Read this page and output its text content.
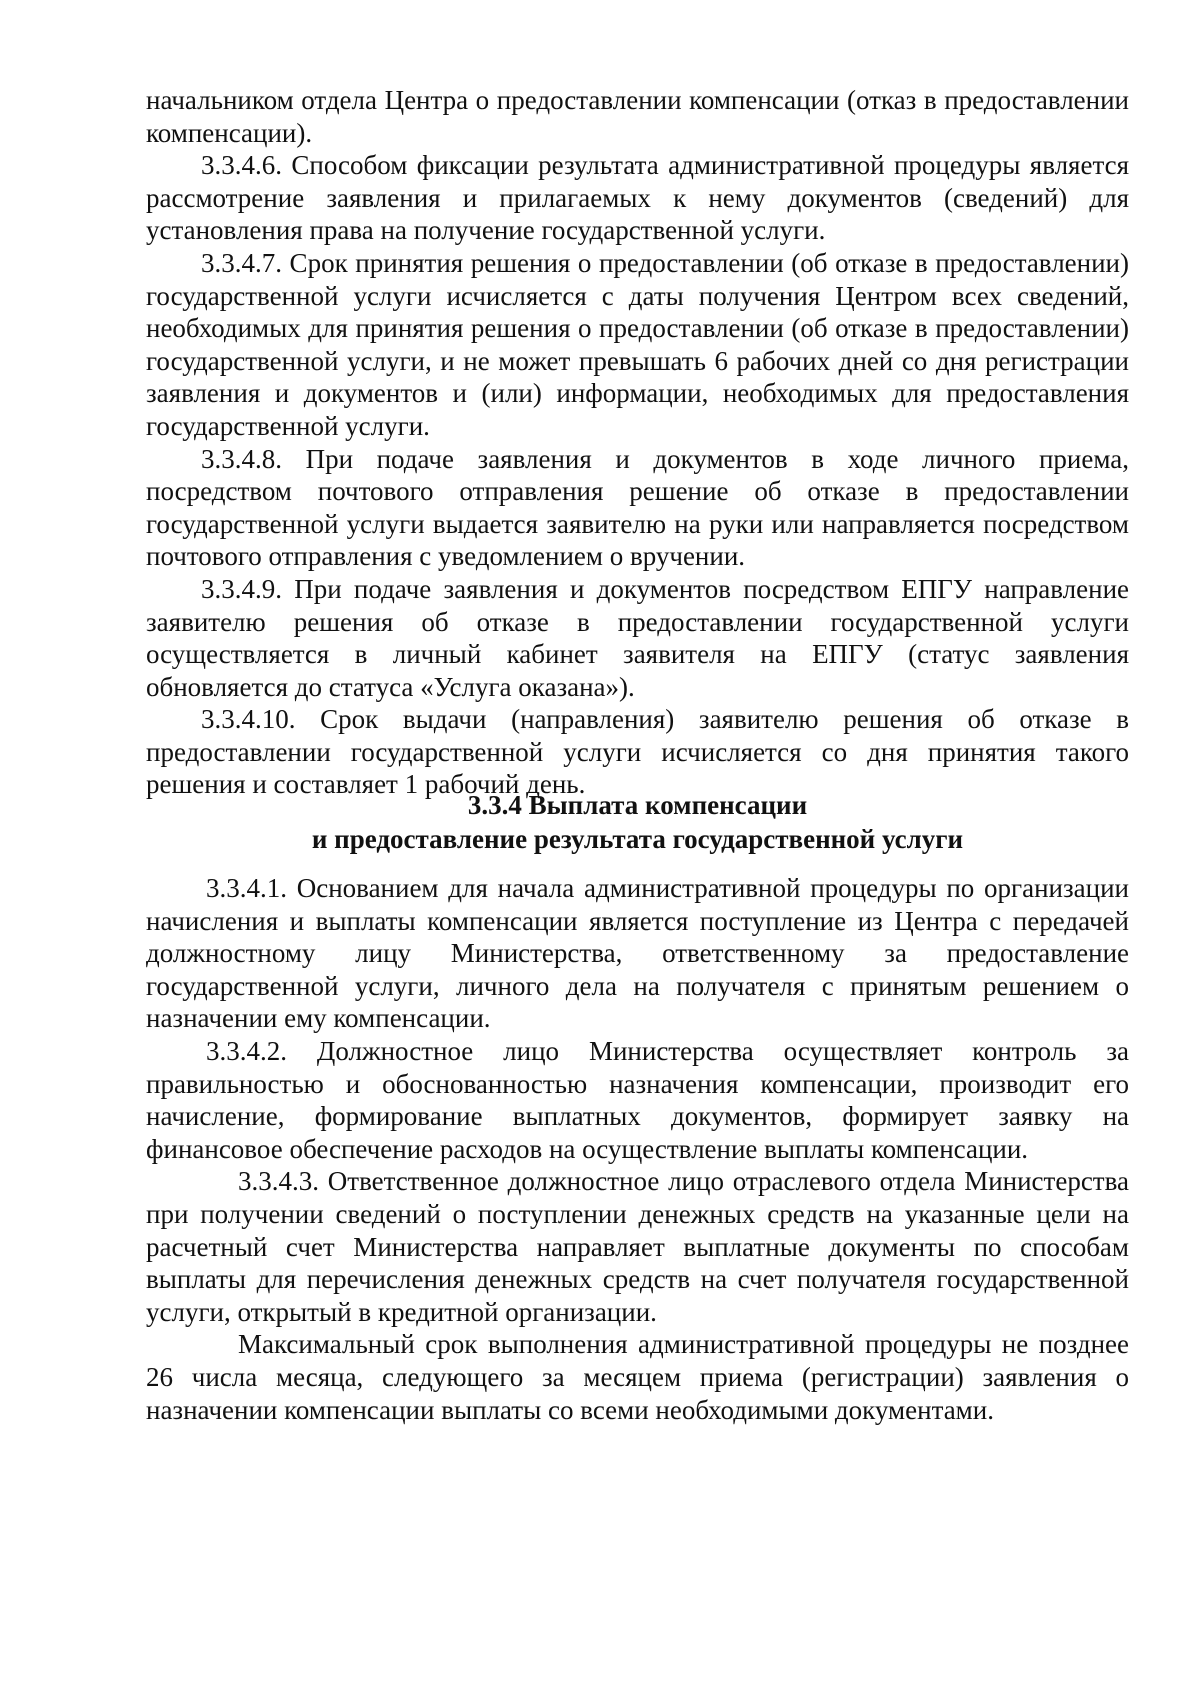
начальником отдела Центра о предоставлении компенсации (отказ в предоставлении компенсации).

3.3.4.6. Способом фиксации результата административной процедуры является рассмотрение заявления и прилагаемых к нему документов (сведений) для установления права на получение государственной услуги.

3.3.4.7. Срок принятия решения о предоставлении (об отказе в предоставлении) государственной услуги исчисляется с даты получения Центром всех сведений, необходимых для принятия решения о предоставлении (об отказе в предоставлении) государственной услуги, и не может превышать 6 рабочих дней со дня регистрации заявления и документов и (или) информации, необходимых для предоставления государственной услуги.

3.3.4.8. При подаче заявления и документов в ходе личного приема, посредством почтового отправления решение об отказе в предоставлении государственной услуги выдается заявителю на руки или направляется посредством почтового отправления с уведомлением о вручении.

3.3.4.9. При подаче заявления и документов посредством ЕПГУ направление заявителю решения об отказе в предоставлении государственной услуги осуществляется в личный кабинет заявителя на ЕПГУ (статус заявления обновляется до статуса «Услуга оказана»).

3.3.4.10. Срок выдачи (направления) заявителю решения об отказе в предоставлении государственной услуги исчисляется со дня принятия такого решения и составляет 1 рабочий день.

3.3.4 Выплата компенсации
и предоставление результата государственной услуги

3.3.4.1. Основанием для начала административной процедуры по организации начисления и выплаты компенсации является поступление из Центра с передачей должностному лицу Министерства, ответственному за предоставление государственной услуги, личного дела на получателя с принятым решением о назначении ему компенсации.

3.3.4.2. Должностное лицо Министерства осуществляет контроль за правильностью и обоснованностью назначения компенсации, производит его начисление, формирование выплатных документов, формирует заявку на финансовое обеспечение расходов на осуществление выплаты компенсации.

3.3.4.3. Ответственное должностное лицо отраслевого отдела Министерства при получении сведений о поступлении денежных средств на указанные цели на расчетный счет Министерства направляет выплатные документы по способам выплаты для перечисления денежных средств на счет получателя государственной услуги, открытый в кредитной организации.

Максимальный срок выполнения административной процедуры не позднее 26 числа месяца, следующего за месяцем приема (регистрации) заявления о назначении компенсации выплаты со всеми необходимыми документами.
